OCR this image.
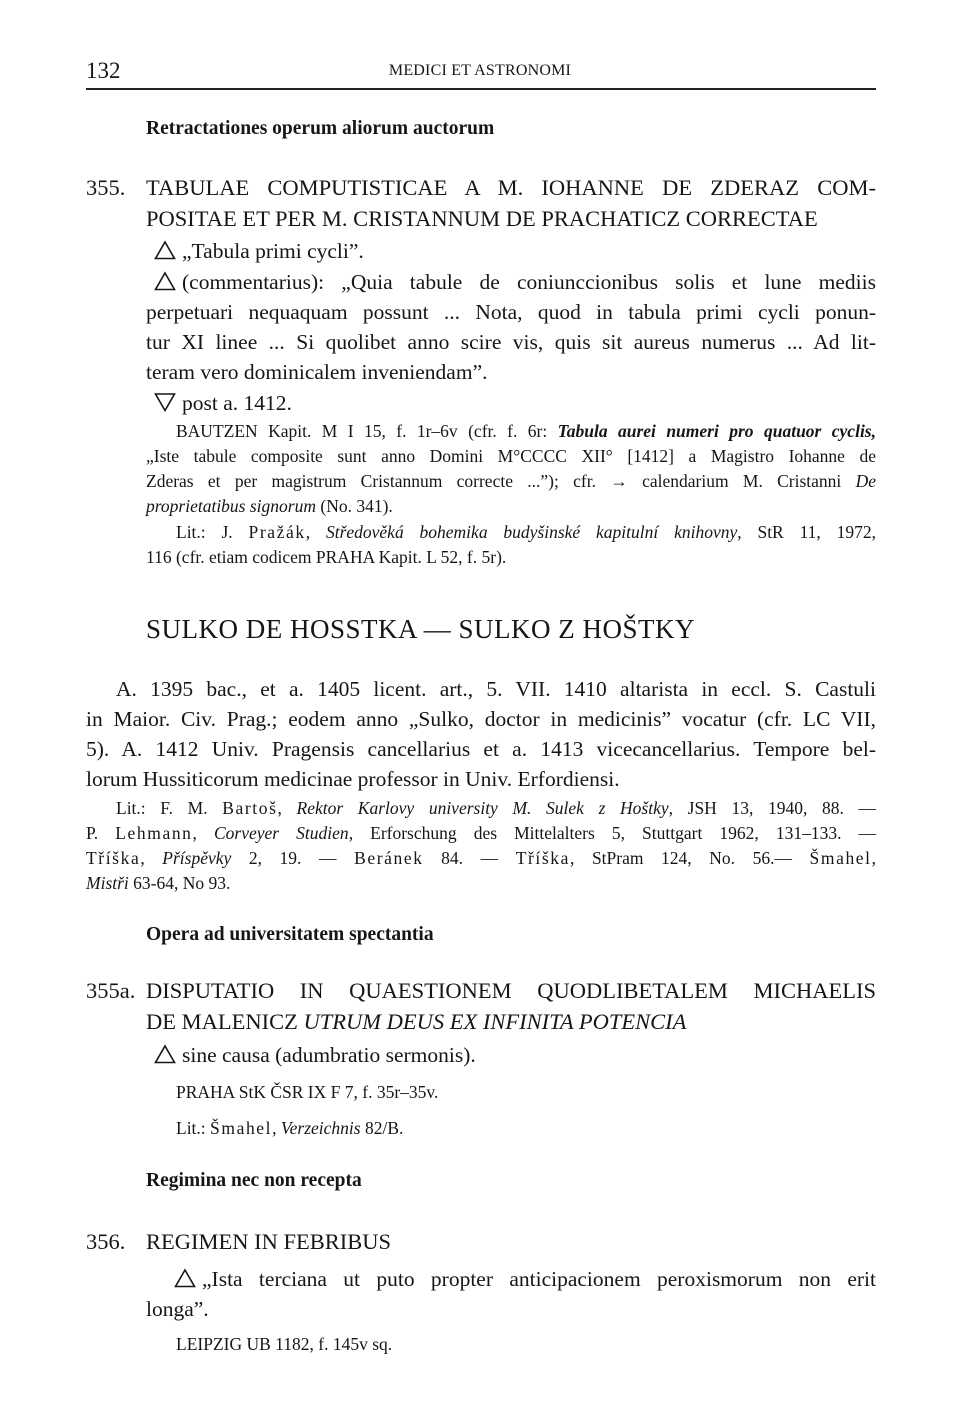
132	MEDICI ET ASTRONOMI
Retractationes operum aliorum auctorum
355. TABULAE COMPUTISTICAE A M. IOHANNE DE ZDERAZ COM-
POSITAE ET PER M. CRISTANNUM DE PRACHATICZ CORRECTAE
„Tabula primi cycli”.
(commentarius): „Quia tabule de coniunccionibus solis et lune mediis
perpetuari nequaquam possunt ... Nota, quod in tabula primi cycli ponun-
tur XI linee ... Si quolibet anno scire vis, quis sit aureus numerus ... Ad lit-
teram vero dominicalem inveniendam”.
post a. 1412.
BAUTZEN Kapit. M I 15, f. 1r–6v (cfr. f. 6r: Tabula aurei numeri pro quatuor cyclis,
„Iste tabule composite sunt anno Domini M°CCCC XII° [1412] a Magistro Iohanne de
Zderas et per magistrum Cristannum correcte ...”); cfr. → calendarium M. Cristanni De
proprietatibus signorum (No. 341).
Lit.: J. Pražák, Středověká bohemika budyšinské kapitulní knihovny, StR 11, 1972,
116 (cfr. etiam codicem PRAHA Kapit. L 52, f. 5r).
SULKO DE HOSSTKA — SULKO Z HOŠTKY
A. 1395 bac., et a. 1405 licent. art., 5. VII. 1410 altarista in eccl. S. Castuli
in Maior. Civ. Prag.; eodem anno „Sulko, doctor in medicinis” vocatur (cfr. LC VII,
5). A. 1412 Univ. Pragensis cancellarius et a. 1413 vicecancellarius. Tempore bel-
lorum Hussiticorum medicinae professor in Univ. Erfordiensi.
Lit.: F. M. Bartoš, Rektor Karlovy university M. Sulek z Hoštky, JSH 13, 1940, 88. —
P. Lehmann, Corveyer Studien, Erforschung des Mittelalters 5, Stuttgart 1962, 131–133. —
Tříška, Příspěvky 2, 19. — Beránek 84. — Tříška, StPram 124, No. 56.— Šmahel,
Mistři 63-64, No 93.
Opera ad universitatem spectantia
355a. DISPUTATIO IN QUAESTIONEM QUODLIBETALEM MICHAELIS
DE MALENICZ UTRUM DEUS EX INFINITA POTENCIA
sine causa (adumbratio sermonis).
PRAHA StK ČSR IX F 7, f. 35r–35v.
Lit.: Šmahel, Verzeichnis 82/B.
Regimina nec non recepta
356. REGIMEN IN FEBRIBUS
„Ista terciana ut puto propter anticipacionem peroxismorum non erit
longa”.
LEIPZIG UB 1182, f. 145v sq.
